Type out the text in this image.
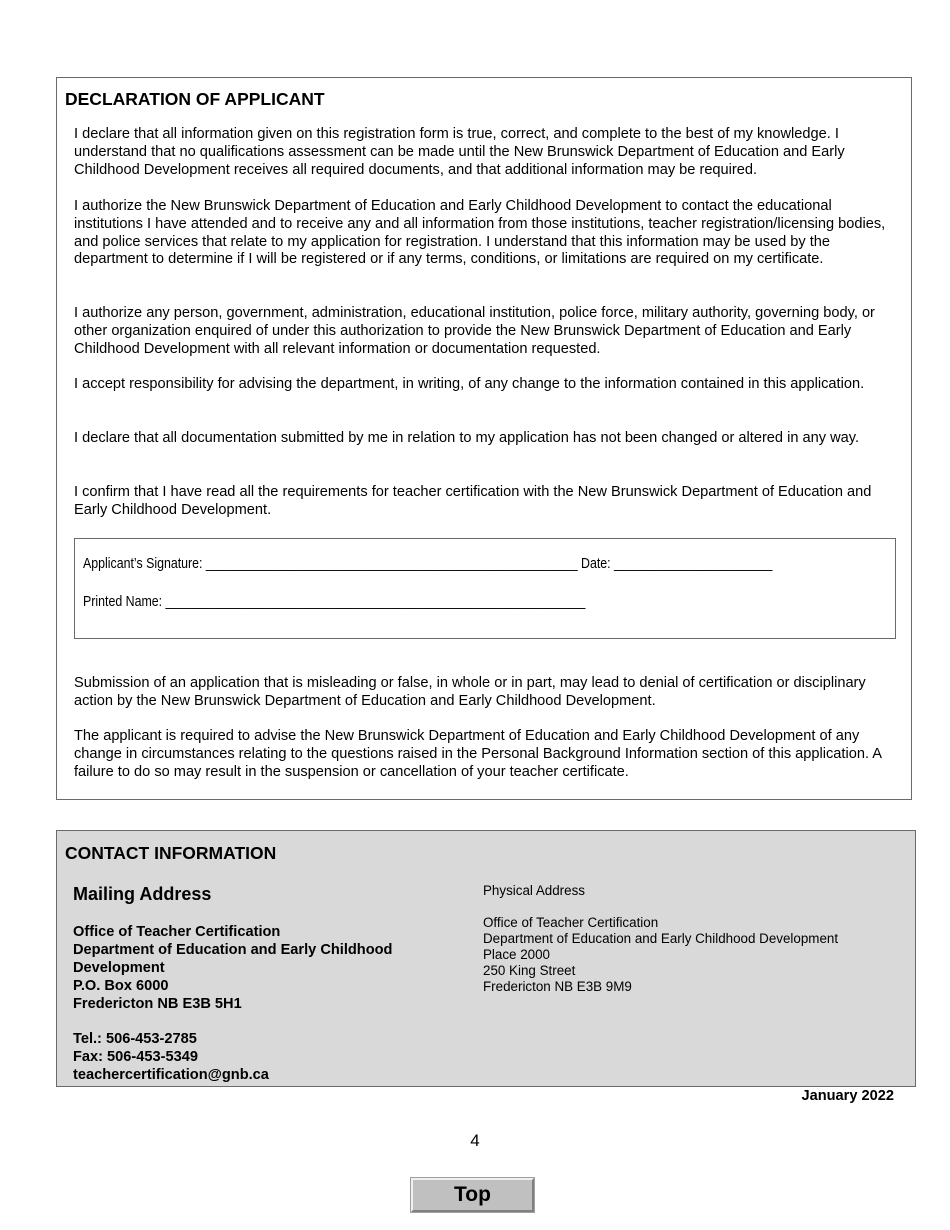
DECLARATION OF APPLICANT

I declare that all information given on this registration form is true, correct, and complete to the best of my knowledge. I understand that no qualifications assessment can be made until the New Brunswick Department of Education and Early Childhood Development receives all required documents, and that additional information may be required.

I authorize the New Brunswick Department of Education and Early Childhood Development to contact the educational institutions I have attended and to receive any and all information from those institutions, teacher registration/licensing bodies, and police services that relate to my application for registration. I understand that this information may be used by the department to determine if I will be registered or if any terms, conditions, or limitations are required on my certificate.

I authorize any person, government, administration, educational institution, police force, military authority, governing body, or other organization enquired of under this authorization to provide the New Brunswick Department of Education and Early Childhood Development with all relevant information or documentation requested.

I accept responsibility for advising the department, in writing, of any change to the information contained in this application.

I declare that all documentation submitted by me in relation to my application has not been changed or altered in any way.

I confirm that I have read all the requirements for teacher certification with the New Brunswick Department of Education and Early Childhood Development.

Applicant’s Signature: ______________________________________________________ Date: _______________________
Printed Name: _____________________________________________________________

Submission of an application that is misleading or false, in whole or in part, may lead to denial of certification or disciplinary action by the New Brunswick Department of Education and Early Childhood Development.

The applicant is required to advise the New Brunswick Department of Education and Early Childhood Development of any change in circumstances relating to the questions raised in the Personal Background Information section of this application. A failure to do so may result in the suspension or cancellation of your teacher certificate.

CONTACT INFORMATION
Mailing Address
Office of Teacher Certification
Department of Education and Early Childhood Development
P.O. Box 6000
Fredericton NB E3B 5H1
Tel.: 506-453-2785
Fax: 506-453-5349
teachercertification@gnb.ca
Physical Address
Office of Teacher Certification
Department of Education and Early Childhood Development
Place 2000
250 King Street
Fredericton NB E3B 9M9
January 2022
4
Top
